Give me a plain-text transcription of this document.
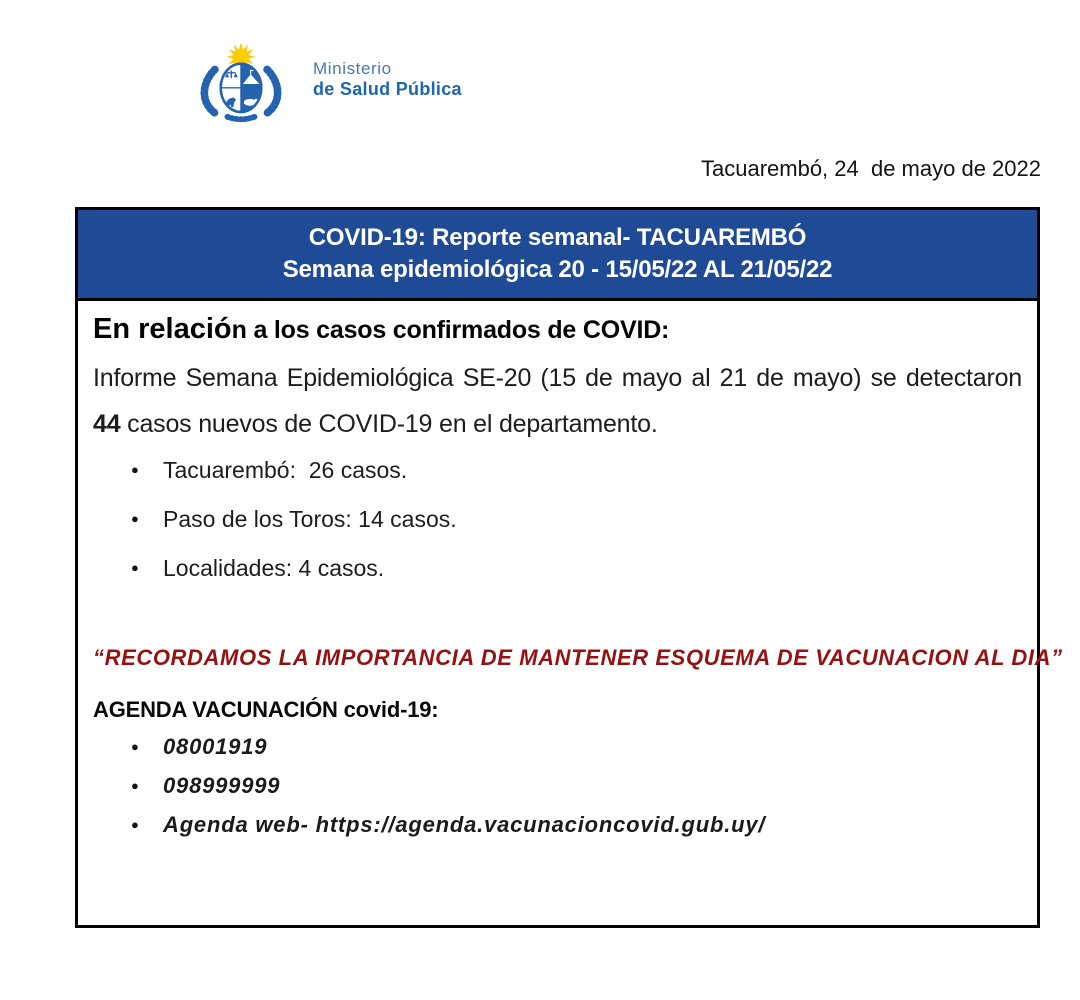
Ministerio
de Salud Pública
Tacuarembó, 24  de mayo de 2022
COVID-19: Reporte semanal- TACUAREMBÓ
Semana epidemiológica 20 - 15/05/22 AL 21/05/22
En relación a los casos confirmados de COVID:
Informe Semana Epidemiológica SE-20 (15 de mayo al 21 de mayo) se detectaron
44 casos nuevos de COVID-19 en el departamento.
● Tacuarembó:  26 casos.
● Paso de los Toros: 14 casos.
● Localidades: 4 casos.
“RECORDAMOS LA IMPORTANCIA DE MANTENER ESQUEMA DE VACUNACION AL DIA”
AGENDA VACUNACIÓN covid-19:
● 08001919
● 098999999
● Agenda web- https://agenda.vacunacioncovid.gub.uy/
